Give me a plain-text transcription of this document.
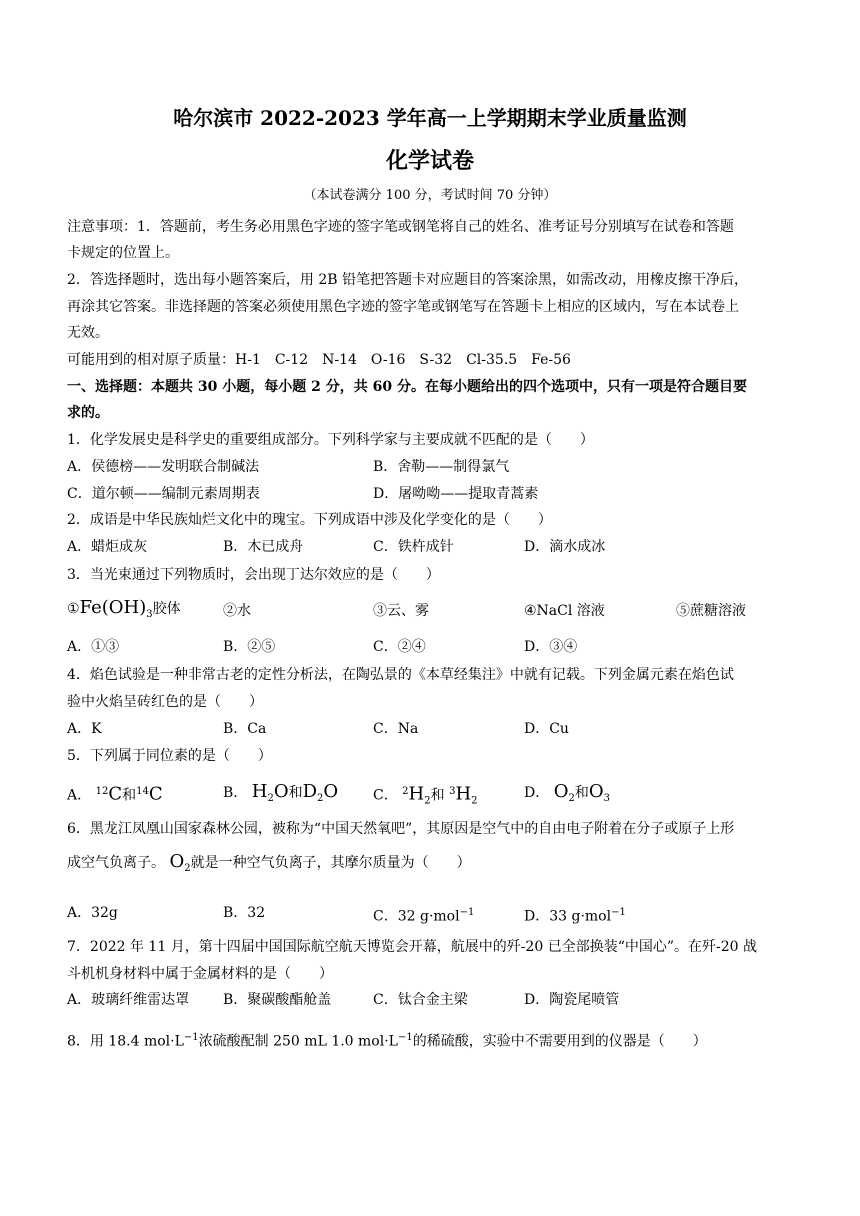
哈尔滨市 2022-2023 学年高一上学期期末学业质量监测
化学试卷
（本试卷满分 100 分，考试时间 70 分钟）
注意事项：1．答题前，考生务必用黑色字迹的签字笔或钢笔将自己的姓名、准考证号分别填写在试卷和答题
卡规定的位置上。
2．答选择题时，选出每小题答案后，用 2B 铅笔把答题卡对应题目的答案涂黑，如需改动，用橡皮擦干净后，
再涂其它答案。非选择题的答案必须使用黑色字迹的签字笔或钢笔写在答题卡上相应的区域内，写在本试卷上
无效。
可能用到的相对原子质量：H-1　C-12　N-14　O-16　S-32　Cl-35.5　Fe-56
一、选择题：本题共 30 小题，每小题 2 分，共 60 分。在每小题给出的四个选项中，只有一项是符合题目要
求的。
1．化学发展史是科学史的重要组成部分。下列科学家与主要成就不匹配的是（　　）
A．侯德榜——发明联合制碱法	B．舍勒——制得氯气
C．道尔顿——编制元素周期表	D．屠呦呦——提取青蒿素
2．成语是中华民族灿烂文化中的瑰宝。下列成语中涉及化学变化的是（　　）
A．蜡炬成灰	B．木已成舟	C．铁杵成针	D．滴水成冰
3．当光束通过下列物质时，会出现丁达尔效应的是（　　）
$①Fe(OH)_3$胶体	②水	③云、雾	④NaCl 溶液	⑤蔗糖溶液
A．①③	B．②⑤	C．②④	D．③④
4．焰色试验是一种非常古老的定性分析法，在陶弘景的《本草经集注》中就有记载。下列金属元素在焰色试
验中火焰呈砖红色的是（　　）
A．K	B．Ca	C．Na	D．Cu
5．下列属于同位素的是（　　）
A． $^{12}$C和$^{14}$C	B． $H_2O$和$D_2O$ C． $^2H_2$和 $^3H_2$	D． $O_2$和$O_3$
6．黑龙江凤凰山国家森林公园，被称为“中国天然氧吧”，其原因是空气中的自由电子附着在分子或原子上形
成空气负离子。 $O_2$就是一种空气负离子，其摩尔质量为（　　）
A．32g	B．32	C．32 g·mol$^{-1}$	D．33 g·mol$^{-1}$
7．2022 年 11 月，第十四届中国国际航空航天博览会开幕，航展中的歼-20 已全部换装“中国心”。在歼-20 战
斗机机身材料中属于金属材料的是（　　）
A．玻璃纤维雷达罩 B．聚碳酸酯舱盖	C．钛合金主梁	D．陶瓷尾喷管
8．用 18.4 $mol\cdot L^{-1}$浓硫酸配制 250 mL 1.0 $mol\cdot L^{-1}$的稀硫酸，实验中不需要用到的仪器是（　　）
